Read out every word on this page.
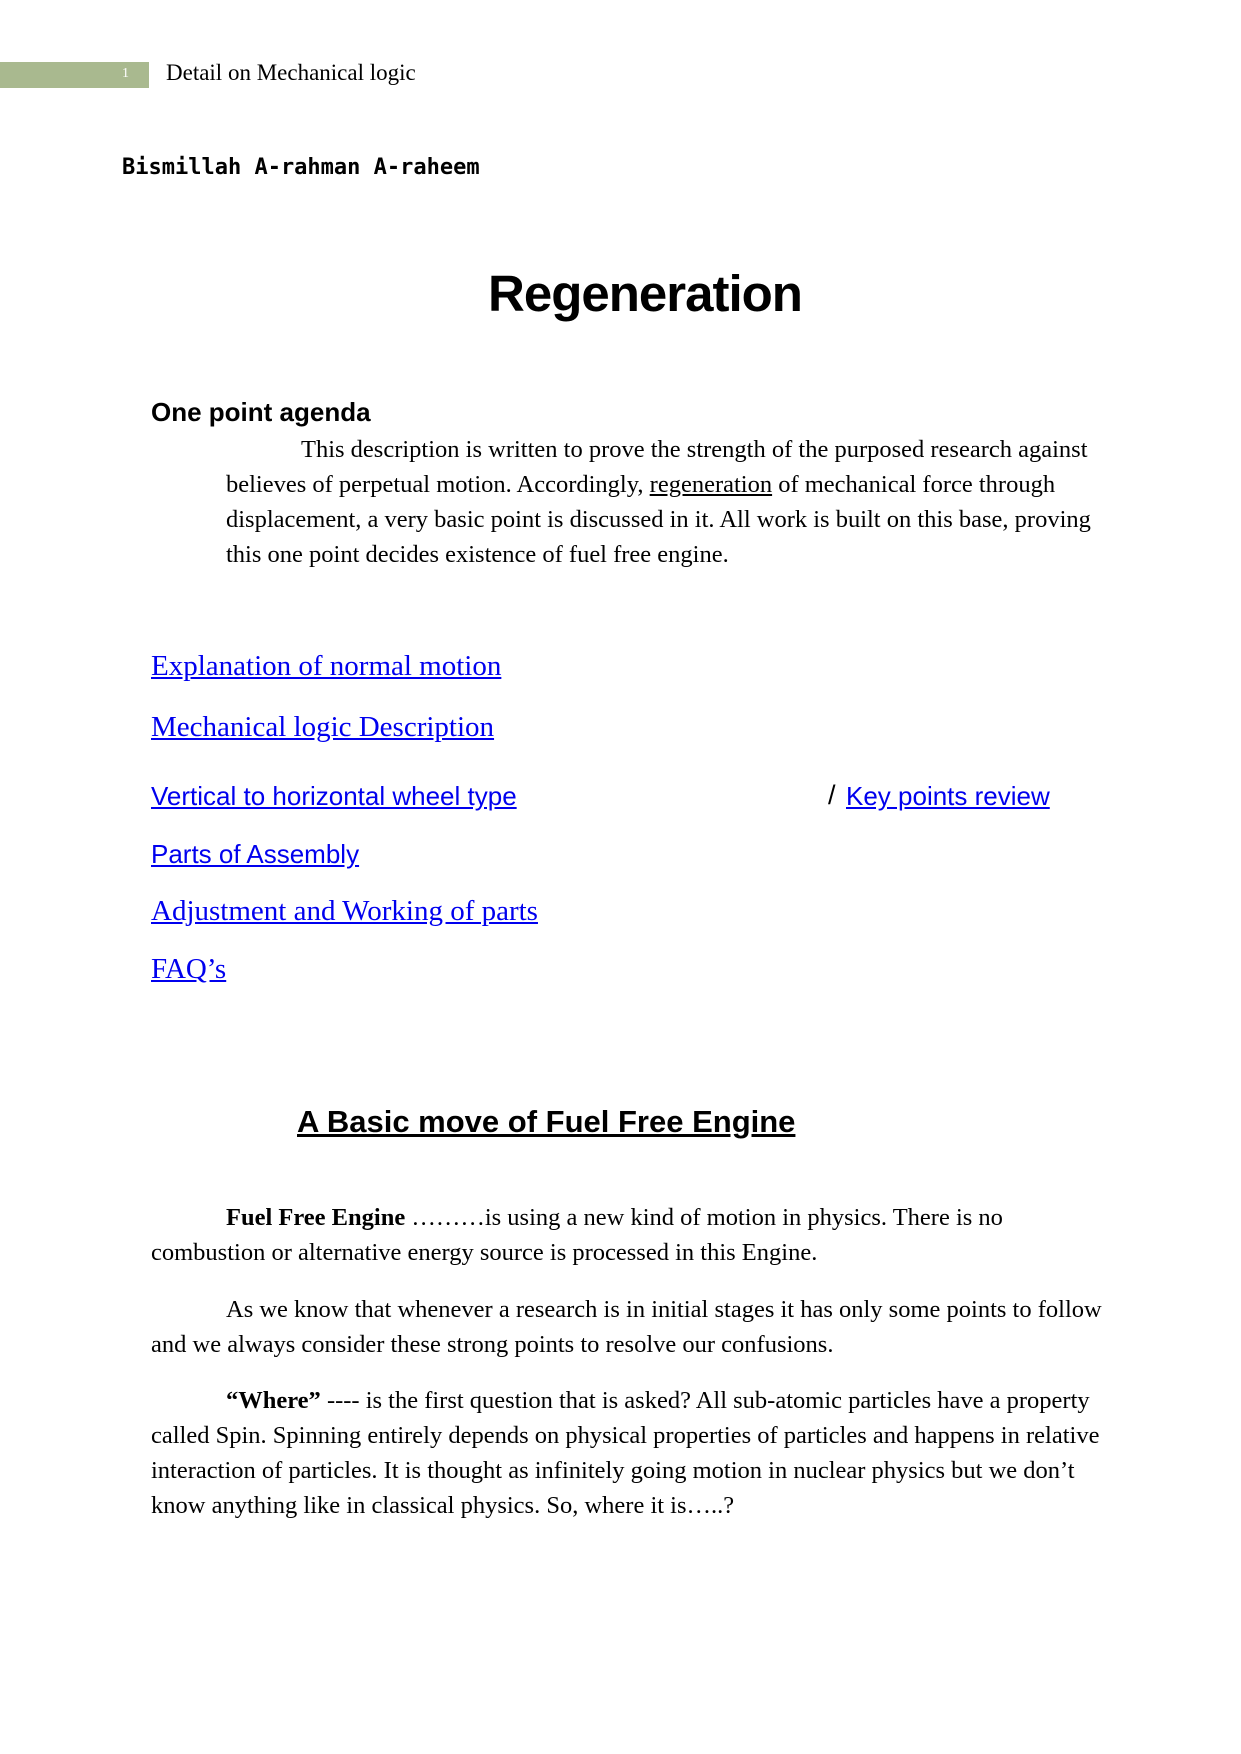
1	Detail on Mechanical logic
Bismillah A-rahman A-raheem
Regeneration
One point agenda
This description is written to prove the strength of the purposed research against believes of perpetual motion. Accordingly, regeneration of mechanical force through displacement, a very basic point is discussed in it. All work is built on this base, proving this one point decides existence of fuel free engine.
Explanation of normal motion
Mechanical logic Description
Vertical to horizontal wheel type	/ Key points review
Parts of Assembly
Adjustment and Working of parts
FAQ’s
A Basic move of Fuel Free Engine

Fuel Free Engine ………is using a new kind of motion in physics. There is no combustion or alternative energy source is processed in this Engine.

As we know that whenever a research is in initial stages it has only some points to follow and we always consider these strong points to resolve our confusions.

“Where” ---- is the first question that is asked? All sub-atomic particles have a property called Spin. Spinning entirely depends on physical properties of particles and happens in relative interaction of particles. It is thought as infinitely going motion in nuclear physics but we don’t know anything like in classical physics. So, where it is…..?
